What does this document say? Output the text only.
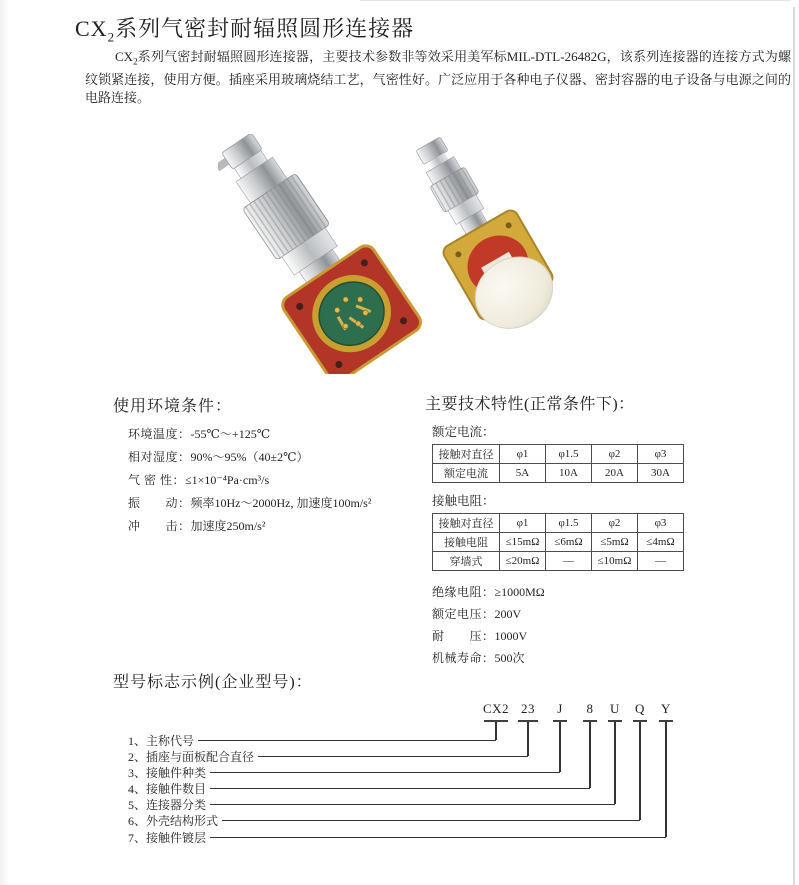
$CX_2$系列气密封耐辐照圆形连接器

$CX_2$系列气密封耐辐照圆形连接器，主要技术参数非等效采用美军标MIL-DTL-26482G，该系列连接器的连接方式为螺纹锁紧连接，使用方便。插座采用玻璃烧结工艺，气密性好。广泛应用于各种电子仪器、密封容器的电子设备与电源之间的电路连接。

使用环境条件：
环境温度：-55℃～+125℃
相对湿度：90%～95%（40±2℃）
气 密 性：≤1×10⁻⁴Pa·cm³/s
振　　动：频率10Hz～2000Hz, 加速度100m/s²
冲　　击：加速度250m/s²
主要技术特性(正常条件下)：
额定电流：
接触对直径	φ1	φ1.5	φ2	φ3
额定电流	5A	10A	20A	30A
接触电阻：
接触对直径	φ1	φ1.5	φ2	φ3
接触电阻	≤15mΩ	≤6mΩ	≤5mΩ	≤4mΩ
穿墙式	≤20mΩ	—	≤10mΩ	—
绝缘电阻：≥1000MΩ
额定电压：200V
耐　　压：1000V
机械寿命：500次
型号标志示例(企业型号)：
CX2 23 J 8 U Q Y
1、主称代号
2、插座与面板配合直径
3、接触件种类
4、接触件数目
5、连接器分类
6、外壳结构形式
7、接触件镀层
